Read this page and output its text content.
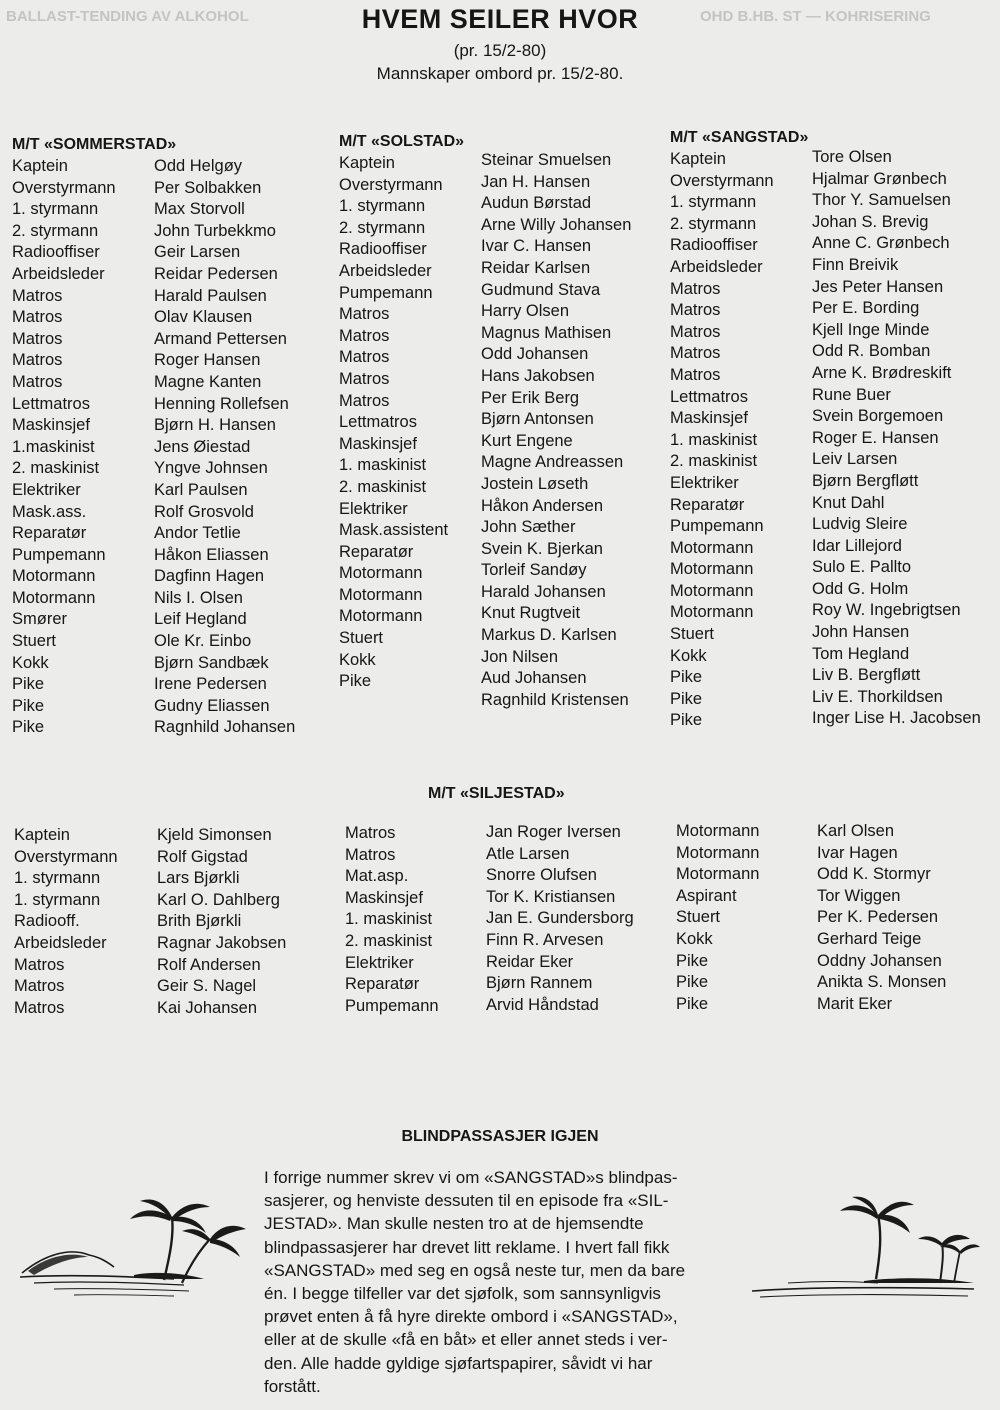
BALLAST-TENDING AV ALKOHOL	OHD B.HB. ST — KOHRISERING
HVEM SEILER HVOR
(pr. 15/2-80)
Mannskaper ombord pr. 15/2-80.
M/T «SOMMERSTAD»
Kaptein
Overstyrmann
1. styrmann
2. styrmann
Radiooffiser
Arbeidsleder
Matros
Matros
Matros
Matros
Matros
Lettmatros
Maskinsjef
1.maskinist
2. maskinist
Elektriker
Mask.ass.
Reparatør
Pumpemann
Motormann
Motormann
Smører
Stuert
Kokk
Pike
Pike
Pike
Odd Helgøy
Per Solbakken
Max Storvoll
John Turbekkmo
Geir Larsen
Reidar Pedersen
Harald Paulsen
Olav Klausen
Armand Pettersen
Roger Hansen
Magne Kanten
Henning Rollefsen
Bjørn H. Hansen
Jens Øiestad
Yngve Johnsen
Karl Paulsen
Rolf Grosvold
Andor Tetlie
Håkon Eliassen
Dagfinn Hagen
Nils I. Olsen
Leif Hegland
Ole Kr. Einbo
Bjørn Sandbæk
Irene Pedersen
Gudny Eliassen
Ragnhild Johansen
M/T «SOLSTAD»
Kaptein
Overstyrmann
1. styrmann
2. styrmann
Radiooffiser
Arbeidsleder
Pumpemann
Matros
Matros
Matros
Matros
Matros
Lettmatros
Maskinsjef
1. maskinist
2. maskinist
Elektriker
Mask.assistent
Reparatør
Motormann
Motormann
Motormann
Stuert
Kokk
Pike
Steinar Smuelsen
Jan H. Hansen
Audun Børstad
Arne Willy Johansen
Ivar C. Hansen
Reidar Karlsen
Gudmund Stava
Harry Olsen
Magnus Mathisen
Odd Johansen
Hans Jakobsen
Per Erik Berg
Bjørn Antonsen
Kurt Engene
Magne Andreassen
Jostein Løseth
Håkon Andersen
John Sæther
Svein K. Bjerkan
Torleif Sandøy
Harald Johansen
Knut Rugtveit
Markus D. Karlsen
Jon Nilsen
Aud Johansen
Ragnhild Kristensen
M/T «SANGSTAD»
Kaptein
Overstyrmann
1. styrmann
2. styrmann
Radiooffiser
Arbeidsleder
Matros
Matros
Matros
Matros
Matros
Lettmatros
Maskinsjef
1. maskinist
2. maskinist
Elektriker
Reparatør
Pumpemann
Motormann
Motormann
Motormann
Motormann
Stuert
Kokk
Pike
Pike
Pike
Tore Olsen
Hjalmar Grønbech
Thor Y. Samuelsen
Johan S. Brevig
Anne C. Grønbech
Finn Breivik
Jes Peter Hansen
Per E. Bording
Kjell Inge Minde
Odd R. Bomban
Arne K. Brødreskift
Rune Buer
Svein Borgemoen
Roger E. Hansen
Leiv Larsen
Bjørn Bergfløtt
Knut Dahl
Ludvig Sleire
Idar Lillejord
Sulo E. Pallto
Odd G. Holm
Roy W. Ingebrigtsen
John Hansen
Tom Hegland
Liv B. Bergfløtt
Liv E. Thorkildsen
Inger Lise H. Jacobsen
M/T «SILJESTAD»
Kaptein
Overstyrmann
1. styrmann
1. styrmann
Radiooff.
Arbeidsleder
Matros
Matros
Matros
Kjeld Simonsen
Rolf Gigstad
Lars Bjørkli
Karl O. Dahlberg
Brith Bjørkli
Ragnar Jakobsen
Rolf Andersen
Geir S. Nagel
Kai Johansen
Matros
Matros
Mat.asp.
Maskinsjef
1. maskinist
2. maskinist
Elektriker
Reparatør
Pumpemann
Jan Roger Iversen
Atle Larsen
Snorre Olufsen
Tor K. Kristiansen
Jan E. Gundersborg
Finn R. Arvesen
Reidar Eker
Bjørn Rannem
Arvid Håndstad
Motormann
Motormann
Motormann
Aspirant
Stuert
Kokk
Pike
Pike
Pike
Karl Olsen
Ivar Hagen
Odd K. Stormyr
Tor Wiggen
Per K. Pedersen
Gerhard Teige
Oddny Johansen
Anikta S. Monsen
Marit Eker
BLINDPASSASJER IGJEN

I forrige nummer skrev vi om «SANGSTAD»s blindpas-

sasjerer, og henviste dessuten til en episode fra «SIL-

JESTAD». Man skulle nesten tro at de hjemsendte

blindpassasjerer har drevet litt reklame. I hvert fall fikk

«SANGSTAD» med seg en også neste tur, men da bare

én. I begge tilfeller var det sjøfolk, som sannsynligvis

prøvet enten å få hyre direkte ombord i «SANGSTAD»,

eller at de skulle «få en båt» et eller annet steds i ver-

den. Alle hadde gyldige sjøfartspapirer, såvidt vi har

forstått.
